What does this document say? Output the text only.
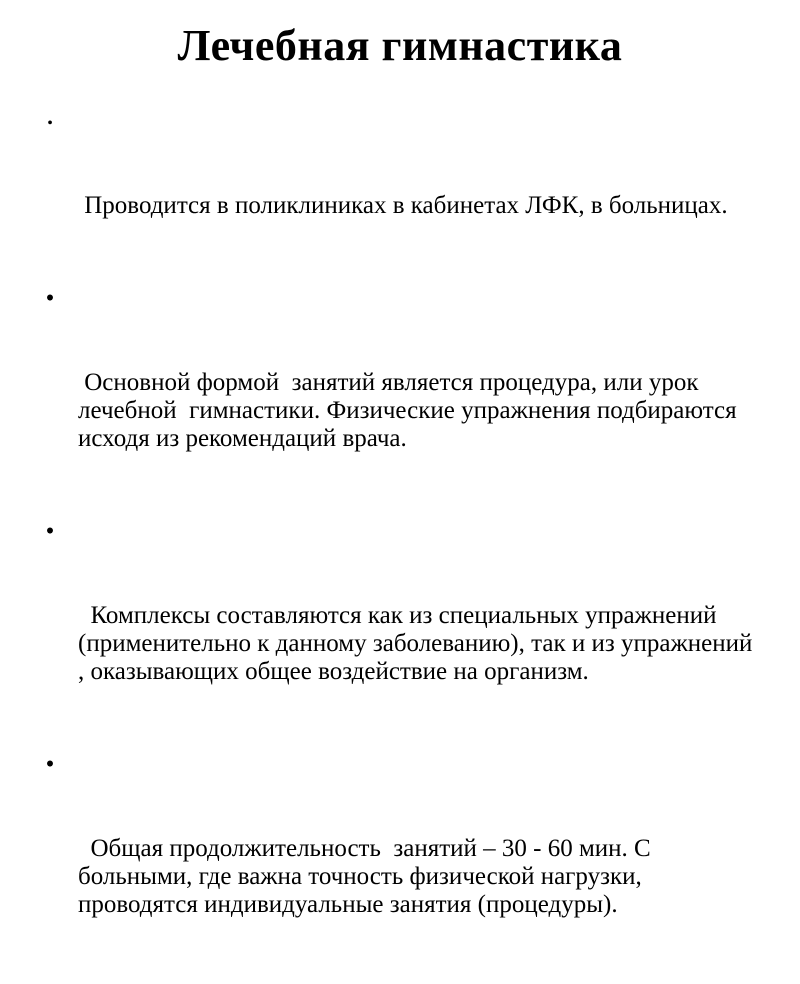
Лечебная гимнастика

•

Проводится в поликлиниках в кабинетах ЛФК, в больницах.

•

Основной формой  занятий является процедура, или урок  лечебной  гимнастики. Физические упражнения подбираются исходя из рекомендаций врача.

•

Комплексы составляются как из специальных упражнений (применительно к данному заболеванию), так и из упражнений , оказывающих общее воздействие на организм.

•

Общая продолжительность  занятий – 30 - 60 мин. С больными, где важна точность физической нагрузки, проводятся индивидуальные занятия (процедуры).
